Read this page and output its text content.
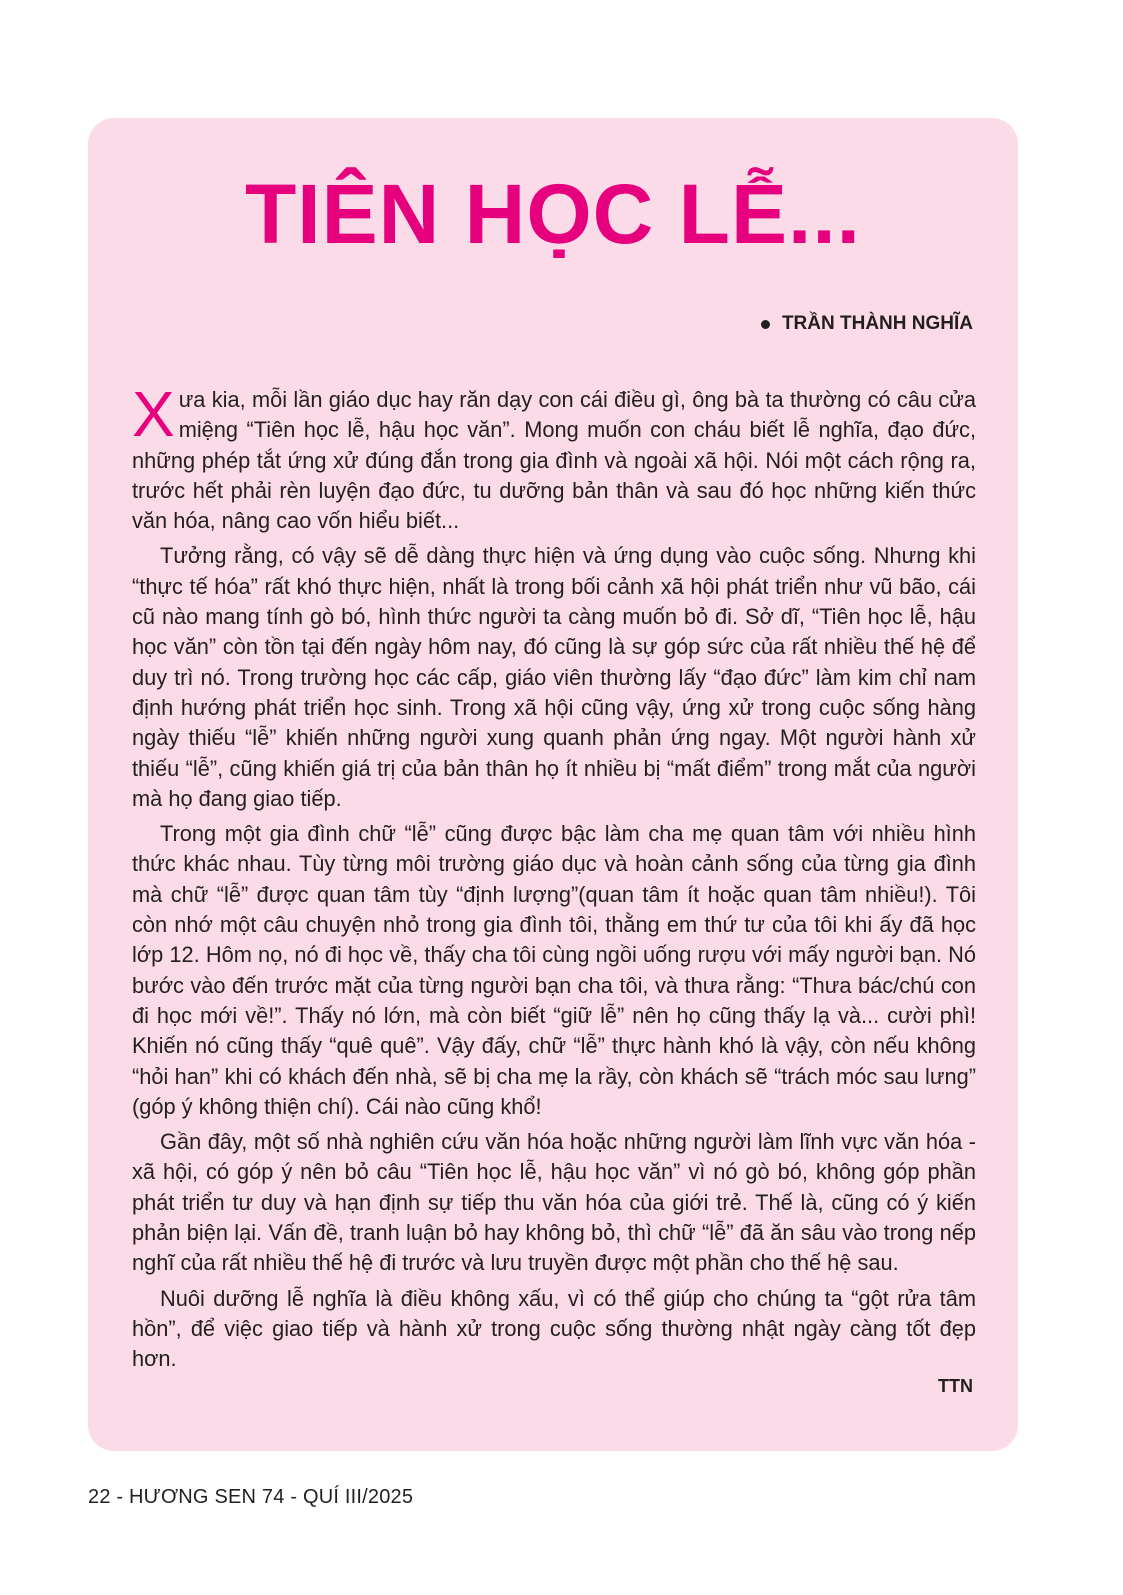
TIÊN HỌC LỄ...
TRẦN THÀNH NGHĨA

Xưa kia, mỗi lần giáo dục hay răn dạy con cái điều gì, ông bà ta thường có câu cửa miệng “Tiên học lễ, hậu học văn”. Mong muốn con cháu biết lễ nghĩa, đạo đức, những phép tắt ứng xử đúng đắn trong gia đình và ngoài xã hội. Nói một cách rộng ra, trước hết phải rèn luyện đạo đức, tu dưỡng bản thân và sau đó học những kiến thức văn hóa, nâng cao vốn hiểu biết...

Tưởng rằng, có vậy sẽ dễ dàng thực hiện và ứng dụng vào cuộc sống. Nhưng khi “thực tế hóa” rất khó thực hiện, nhất là trong bối cảnh xã hội phát triển như vũ bão, cái cũ nào mang tính gò bó, hình thức người ta càng muốn bỏ đi. Sở dĩ, “Tiên học lễ, hậu học văn” còn tồn tại đến ngày hôm nay, đó cũng là sự góp sức của rất nhiều thế hệ để duy trì nó. Trong trường học các cấp, giáo viên thường lấy “đạo đức” làm kim chỉ nam định hướng phát triển học sinh. Trong xã hội cũng vậy, ứng xử trong cuộc sống hàng ngày thiếu “lễ” khiến những người xung quanh phản ứng ngay. Một người hành xử thiếu “lễ”, cũng khiến giá trị của bản thân họ ít nhiều bị “mất điểm” trong mắt của người mà họ đang giao tiếp.

Trong một gia đình chữ “lễ” cũng được bậc làm cha mẹ quan tâm với nhiều hình thức khác nhau. Tùy từng môi trường giáo dục và hoàn cảnh sống của từng gia đình mà chữ “lễ” được quan tâm tùy “định lượng”(quan tâm ít hoặc quan tâm nhiều!). Tôi còn nhớ một câu chuyện nhỏ trong gia đình tôi, thằng em thứ tư của tôi khi ấy đã học lớp 12. Hôm nọ, nó đi học về, thấy cha tôi cùng ngồi uống rượu với mấy người bạn. Nó bước vào đến trước mặt của từng người bạn cha tôi, và thưa rằng: “Thưa bác/chú con đi học mới về!”. Thấy nó lớn, mà còn biết “giữ lễ” nên họ cũng thấy lạ và... cười phì! Khiến nó cũng thấy “quê quê”. Vậy đấy, chữ “lễ” thực hành khó là vậy, còn nếu không “hỏi han” khi có khách đến nhà, sẽ bị cha mẹ la rầy, còn khách sẽ “trách móc sau lưng” (góp ý không thiện chí). Cái nào cũng khổ!

Gần đây, một số nhà nghiên cứu văn hóa hoặc những người làm lĩnh vực văn hóa - xã hội, có góp ý nên bỏ câu “Tiên học lễ, hậu học văn” vì nó gò bó, không góp phần phát triển tư duy và hạn định sự tiếp thu văn hóa của giới trẻ. Thế là, cũng có ý kiến phản biện lại. Vấn đề, tranh luận bỏ hay không bỏ, thì chữ “lễ” đã ăn sâu vào trong nếp nghĩ của rất nhiều thế hệ đi trước và lưu truyền được một phần cho thế hệ sau.

Nuôi dưỡng lễ nghĩa là điều không xấu, vì có thể giúp cho chúng ta “gột rửa tâm hồn”, để việc giao tiếp và hành xử trong cuộc sống thường nhật ngày càng tốt đẹp hơn.

TTN
22 - HƯƠNG SEN 74 - QUÍ III/2025
